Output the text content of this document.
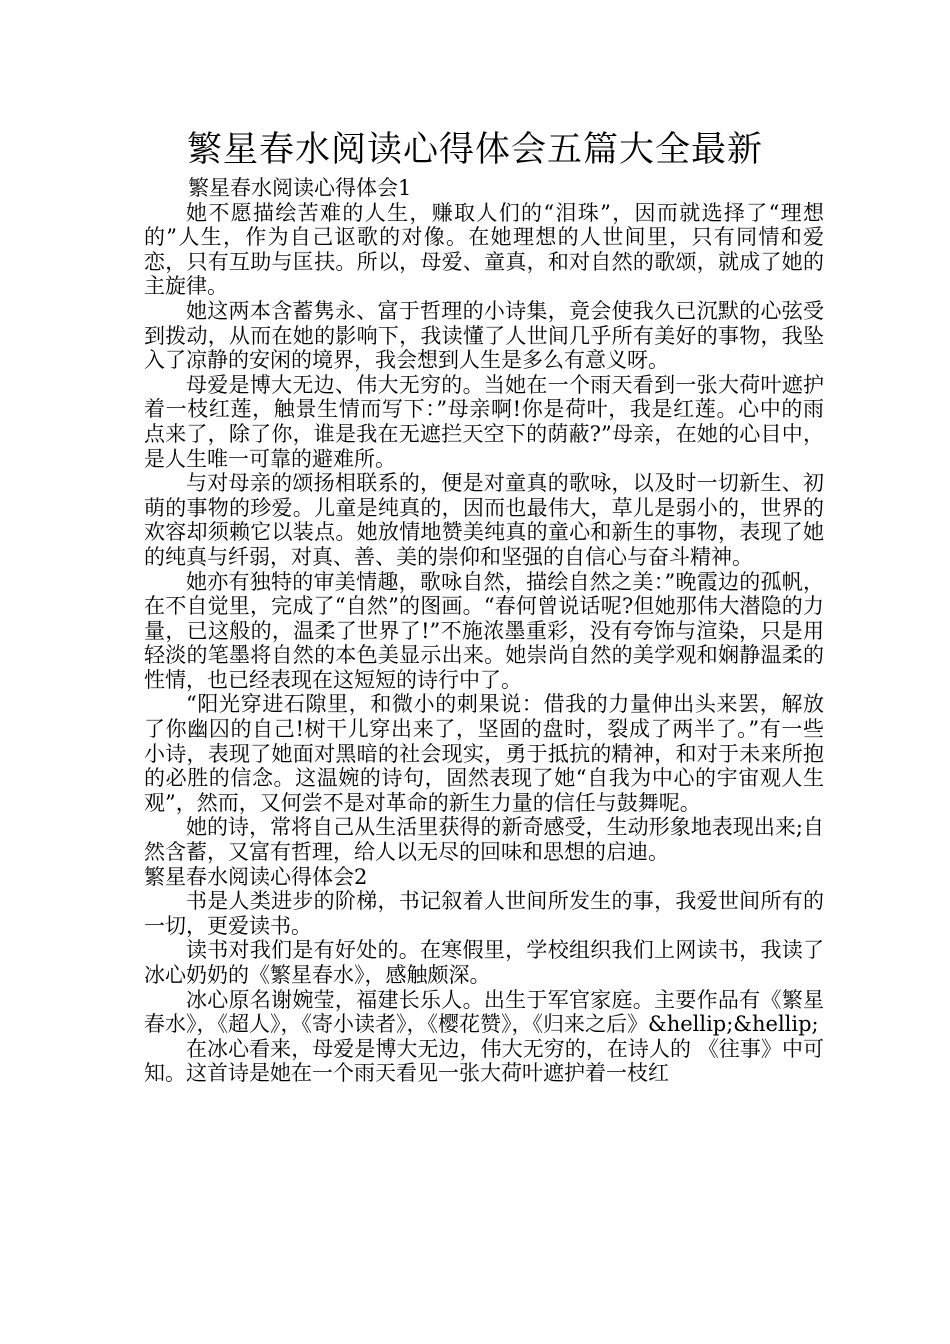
繁星春水阅读心得体会五篇大全最新

繁星春水阅读心得体会1

她不愿描绘苦难的人生，赚取人们的“泪珠”，因而就选择了“理想的”人生，作为自己讴歌的对像。在她理想的人世间里，只有同情和爱恋，只有互助与匡扶。所以，母爱、童真，和对自然的歌颂，就成了她的主旋律。

她这两本含蓄隽永、富于哲理的小诗集，竟会使我久已沉默的心弦受到拨动，从而在她的影响下，我读懂了人世间几乎所有美好的事物，我坠入了凉静的安闲的境界，我会想到人生是多么有意义呀。

母爱是博大无边、伟大无穷的。当她在一个雨天看到一张大荷叶遮护着一枝红莲，触景生情而写下：”母亲啊!你是荷叶，我是红莲。心中的雨点来了，除了你，谁是我在无遮拦天空下的荫蔽?”母亲，在她的心目中，是人生唯一可靠的避难所。

与对母亲的颂扬相联系的，便是对童真的歌咏，以及时一切新生、初萌的事物的珍爱。儿童是纯真的，因而也最伟大，草儿是弱小的，世界的欢容却须赖它以装点。她放情地赞美纯真的童心和新生的事物，表现了她的纯真与纤弱，对真、善、美的崇仰和坚强的自信心与奋斗精神。

她亦有独特的审美情趣，歌咏自然，描绘自然之美：”晚霞边的孤帆，在不自觉里，完成了“自然”的图画。“春何曾说话呢?但她那伟大潜隐的力量，已这般的，温柔了世界了!”不施浓墨重彩，没有夸饰与渲染，只是用轻淡的笔墨将自然的本色美显示出来。她崇尚自然的美学观和娴静温柔的性情，也已经表现在这短短的诗行中了。

“阳光穿进石隙里，和微小的刺果说：借我的力量伸出头来罢，解放了你幽囚的自己!树干儿穿出来了，坚固的盘时，裂成了两半了。”有一些小诗，表现了她面对黑暗的社会现实，勇于抵抗的精神，和对于未来所抱的必胜的信念。这温婉的诗句，固然表现了她“自我为中心的宇宙观人生观”，然而，又何尝不是对革命的新生力量的信任与鼓舞呢。

她的诗，常将自己从生活里获得的新奇感受，生动形象地表现出来;自然含蓄，又富有哲理，给人以无尽的回味和思想的启迪。

繁星春水阅读心得体会2

书是人类进步的阶梯，书记叙着人世间所发生的事，我爱世间所有的一切，更爱读书。

读书对我们是有好处的。在寒假里，学校组织我们上网读书，我读了冰心奶奶的《繁星春水》，感触颇深。

冰心原名谢婉莹，福建长乐人。出生于军官家庭。主要作品有《繁星春水》，《超人》，《寄小读者》，《樱花赞》，《归来之后》&hellip;&hellip;

在冰心看来，母爱是博大无边，伟大无穷的，在诗人的 《往事》中可知。这首诗是她在一个雨天看见一张大荷叶遮护着一枝红
